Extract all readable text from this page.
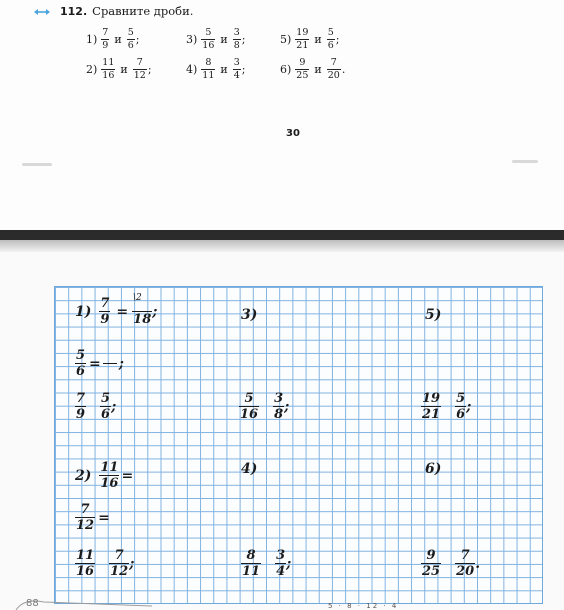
112. Сравните дроби.
$1) \frac{7}{9}$ и $\frac{5}{6}$ ;
$2) \frac{11}{16}$ и $\frac{7}{12}$ ;
$3) \frac{5}{16}$ и $\frac{3}{8}$ ;
$4) \frac{8}{11}$ и $\frac{3}{4}$ ;
$5) \frac{19}{21}$ и $\frac{5}{6}$ ;
$6) \frac{9}{25}$ и $\frac{7}{20}$ .
30
$1) \frac{7}{9}$	\2
=
18 ;
$\frac{5}{6}$ = ;
$\frac{7}{9} \frac{5}{6}$ ;
$2) \frac{11}{16}$ =
$\frac{7}{12}$ =
$\frac{11}{16} \frac{7}{12}$ ;
3)
$\frac{5}{16} \frac{3}{8}$ ;
4)
$\frac{8}{11} \frac{3}{4}$ ;
5)
$\frac{19}{21} \frac{5}{6}$ ;
6)
$\frac{9}{25} \frac{7}{20}$ .
88	5 · 8 · 12 · 4
